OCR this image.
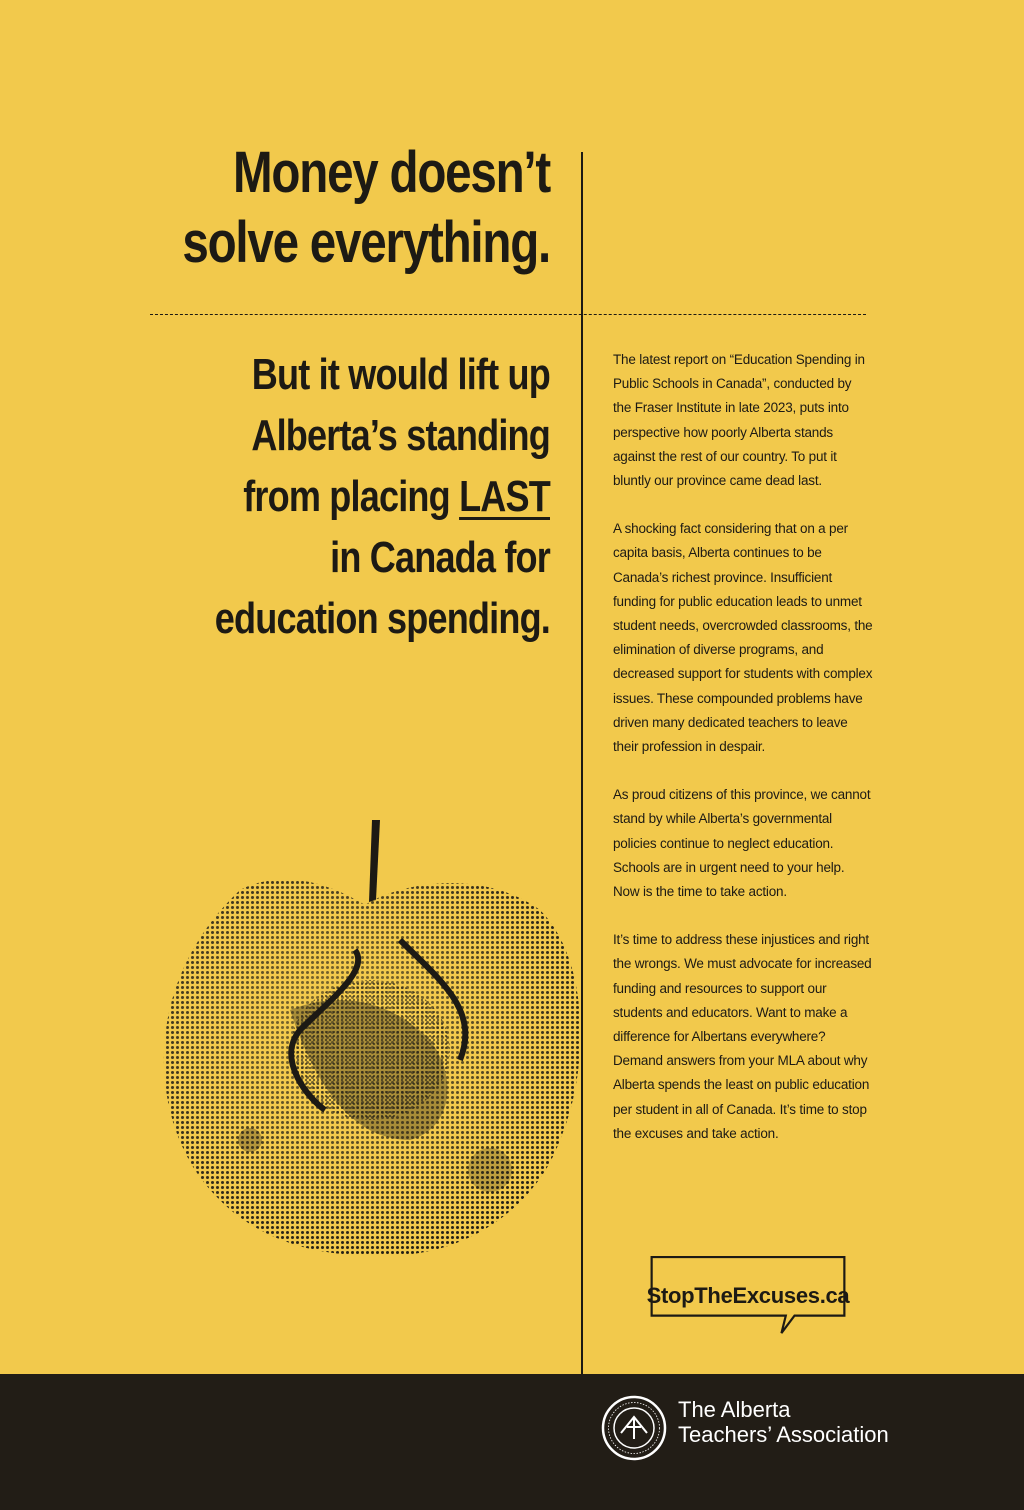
Money doesn’t
solve everything.
But it would lift up
Alberta’s standing
from placing LAST
in Canada for
education spending.

The latest report on “Education Spending in Public Schools in Canada”, conducted by the Fraser Institute in late 2023, puts into perspective how poorly Alberta stands against the rest of our country. To put it bluntly our province came dead last.

A shocking fact considering that on a per capita basis, Alberta continues to be Canada’s richest province. Insufficient funding for public education leads to unmet student needs, overcrowded classrooms, the elimination of diverse programs, and decreased support for students with complex issues. These compounded problems have driven many dedicated teachers to leave their profession in despair.

As proud citizens of this province, we cannot stand by while Alberta’s governmental policies continue to neglect education. Schools are in urgent need to your help. Now is the time to take action.

It’s time to address these injustices and right the wrongs. We must advocate for increased funding and resources to support our students and educators. Want to make a difference for Albertans everywhere? Demand answers from your MLA about why Alberta spends the least on public education per student in all of Canada. It’s time to stop the excuses and take action.

StopTheExcuses.ca
The Alberta
Teachers’ Association
